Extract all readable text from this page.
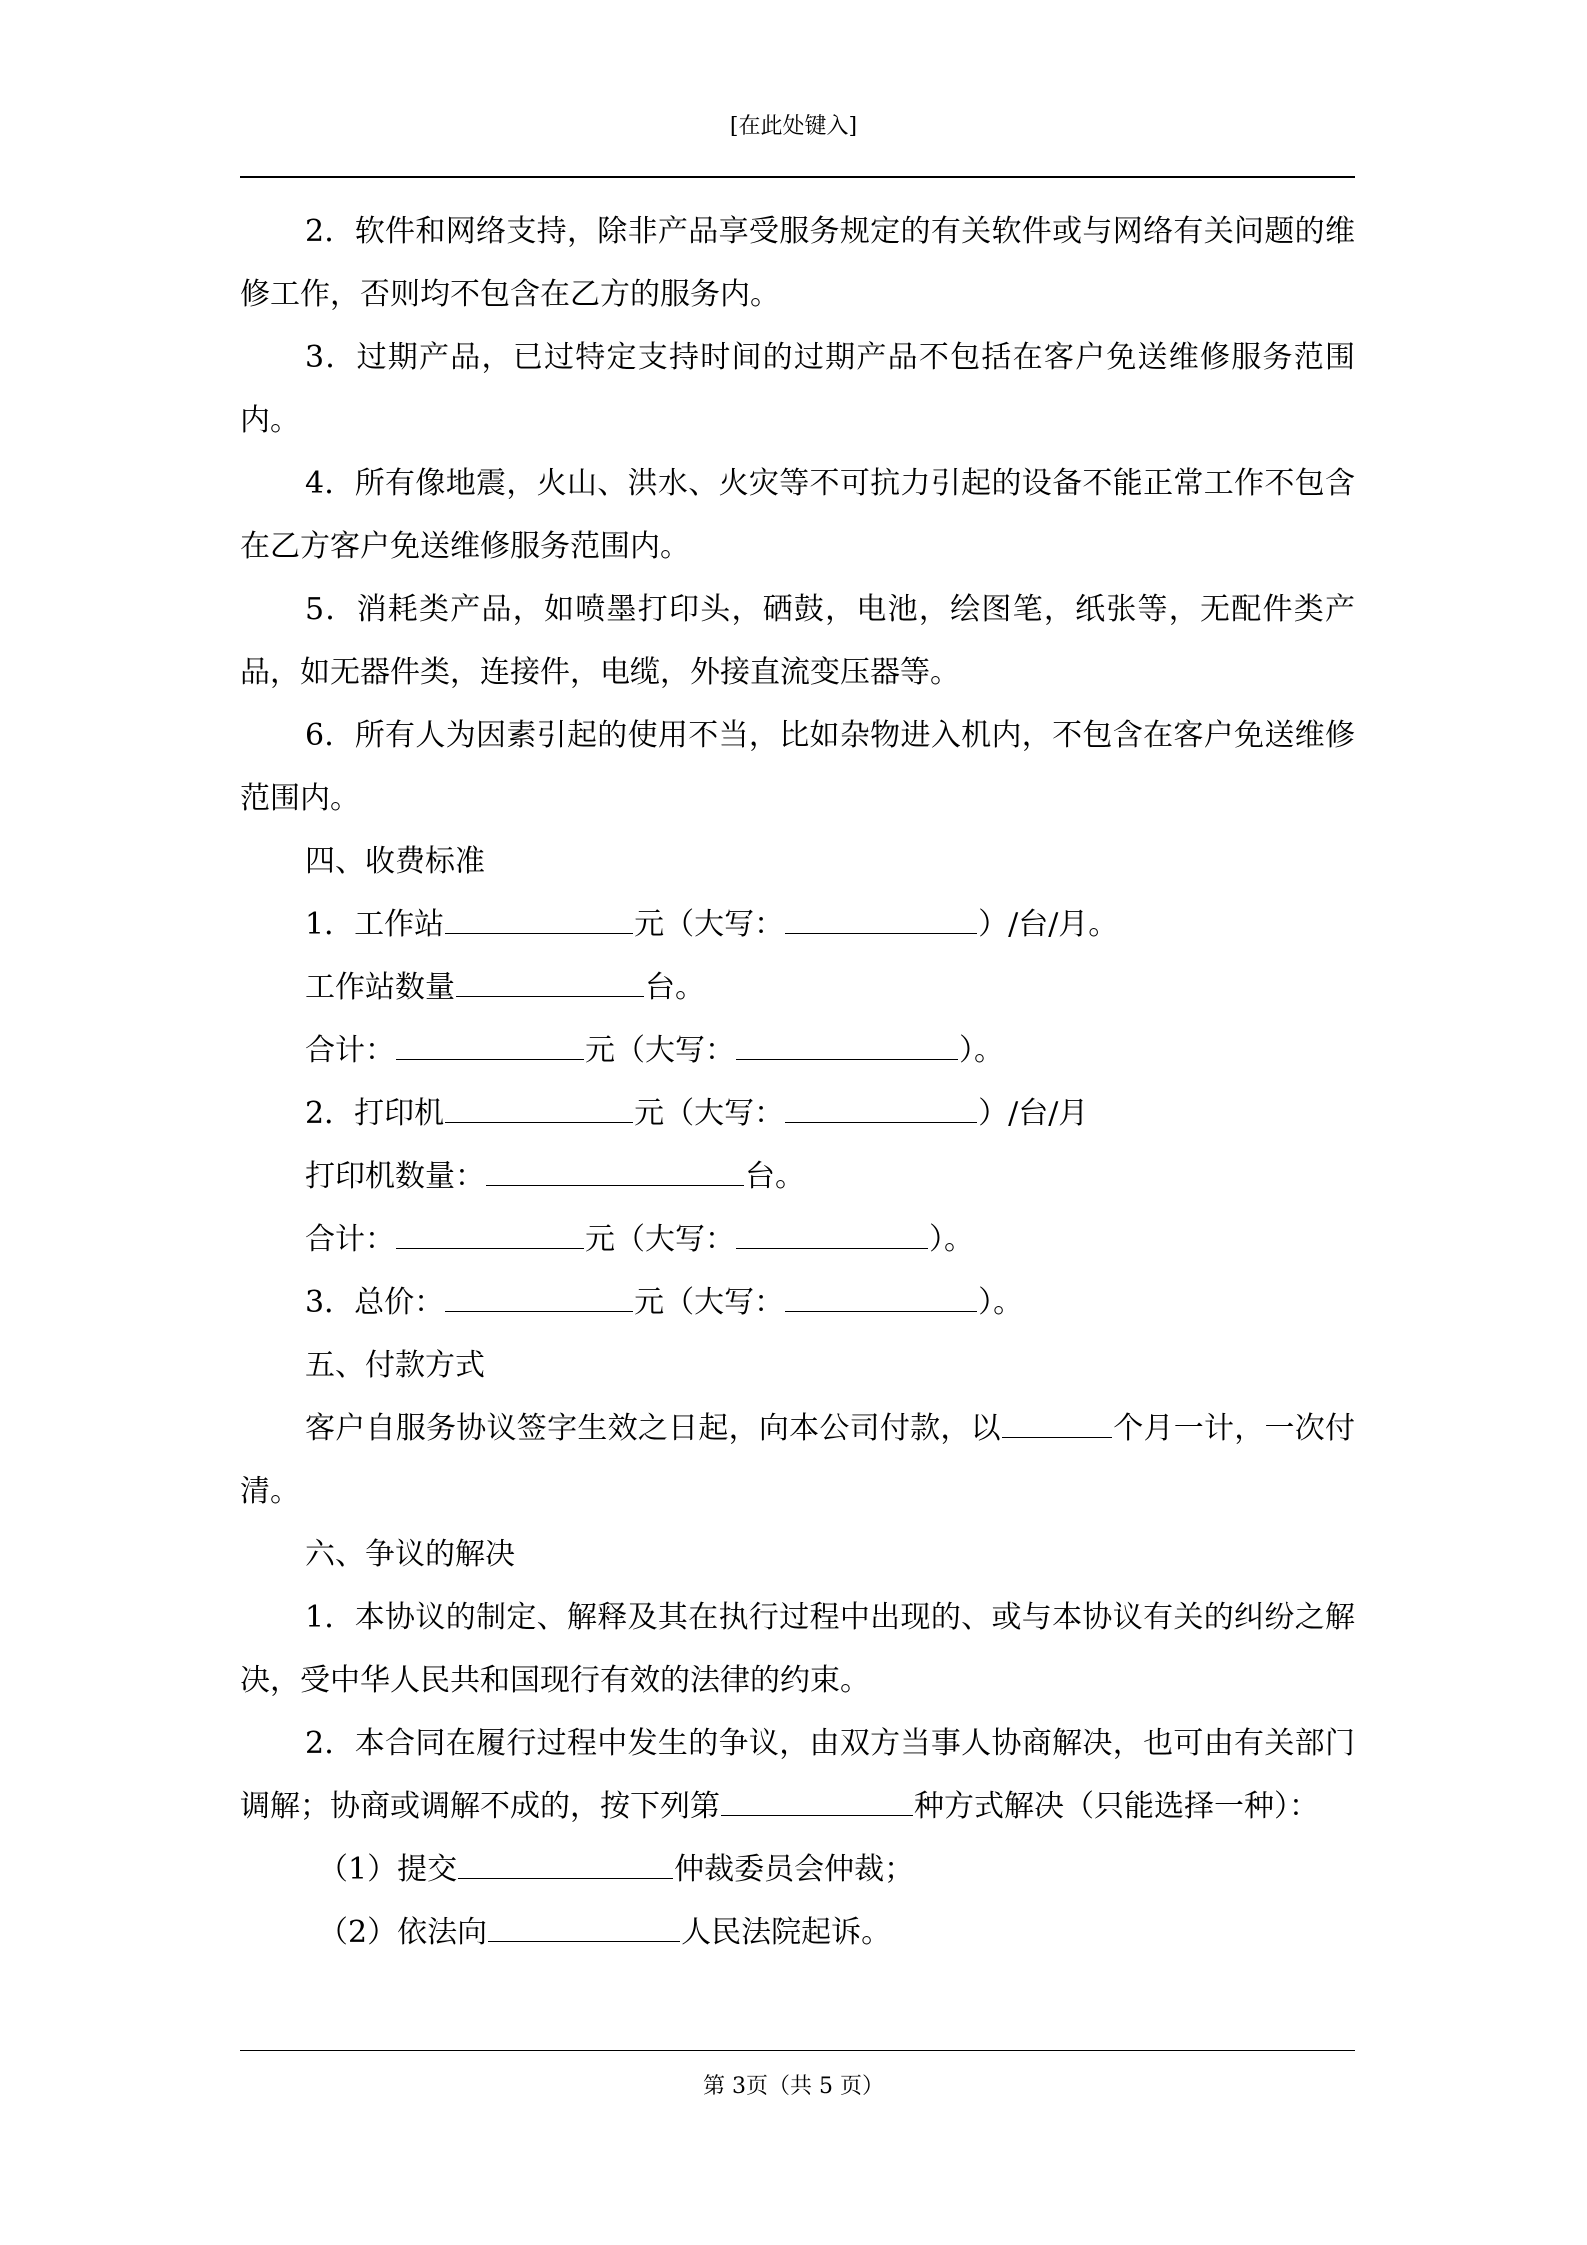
[在此处键入]

2．软件和网络支持，除非产品享受服务规定的有关软件或与网络有关问题的维修工作，否则均不包含在乙方的服务内。

3．过期产品，已过特定支持时间的过期产品不包括在客户免送维修服务范围内。

4．所有像地震，火山、洪水、火灾等不可抗力引起的设备不能正常工作不包含在乙方客户免送维修服务范围内。

5．消耗类产品，如喷墨打印头，硒鼓，电池，绘图笔，纸张等，无配件类产品，如无器件类，连接件，电缆，外接直流变压器等。

6．所有人为因素引起的使用不当，比如杂物进入机内，不包含在客户免送维修范围内。

四、收费标准

1．工作站	元（大写：	）/台/月。

工作站数量	台。

合计：	元（大写：	）。

2．打印机	元（大写：	）/台/月

打印机数量：	台。

合计：	元（大写：	）。

3．总价：	元（大写：	）。

五、付款方式

客户自服务协议签字生效之日起，向本公司付款，以	个月一计，一次付清。

六、争议的解决

1．本协议的制定、解释及其在执行过程中出现的、或与本协议有关的纠纷之解决，受中华人民共和国现行有效的法律的约束。

2．本合同在履行过程中发生的争议，由双方当事人协商解决，也可由有关部门调解；协商或调解不成的，按下列第	种方式解决（只能选择一种）：

（1）提交	仲裁委员会仲裁；

（2）依法向	人民法院起诉。

第 3页（共 5 页）
